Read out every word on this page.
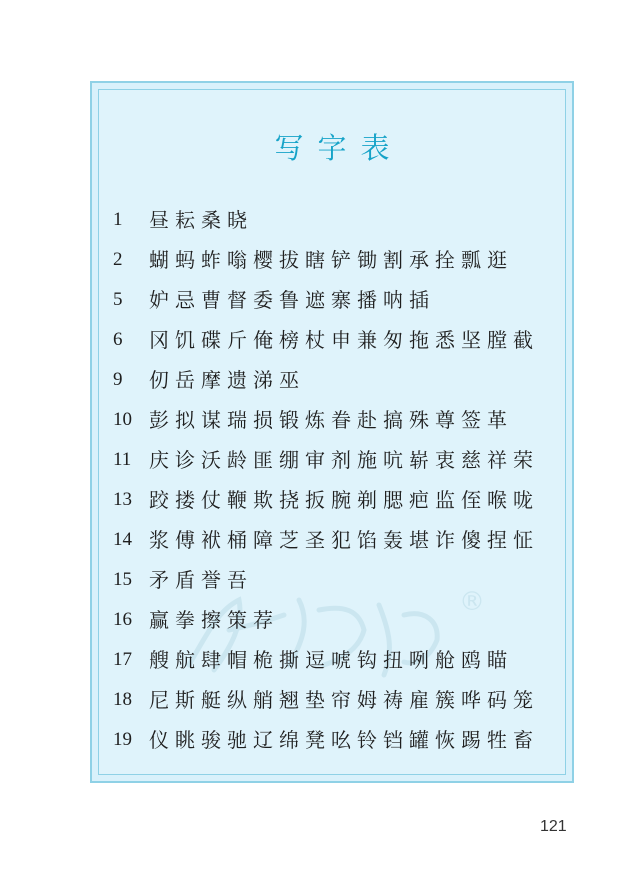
写字表
®
1	昼耘桑晓
2	蝴蚂蚱嗡樱拔瞎铲锄割承拴瓢逛
5	妒忌曹督委鲁遮寨播呐插
6	冈饥碟斤俺榜杖申兼匆拖悉坚膛截
9	仞岳摩遗涕巫
10 彭拟谋瑞损锻炼眷赴搞殊尊签革
11 庆诊沃龄匪绷审剂施吭崭衷慈祥荣
13 跤搂仗鞭欺挠扳腕剃腮疤监侄喉咙
14 浆傅袱桶障芝圣犯馅轰堪诈傻捏怔
15 矛盾誉吾
16 赢拳擦策荐
17 艘航肆帽桅撕逗唬钩扭咧舱鸥瞄
18 尼斯艇纵艄翘垫帘姆祷雇簇哗码笼
19 仪眺骏驰辽绵凳吆铃铛罐恢踢牲畜
121
